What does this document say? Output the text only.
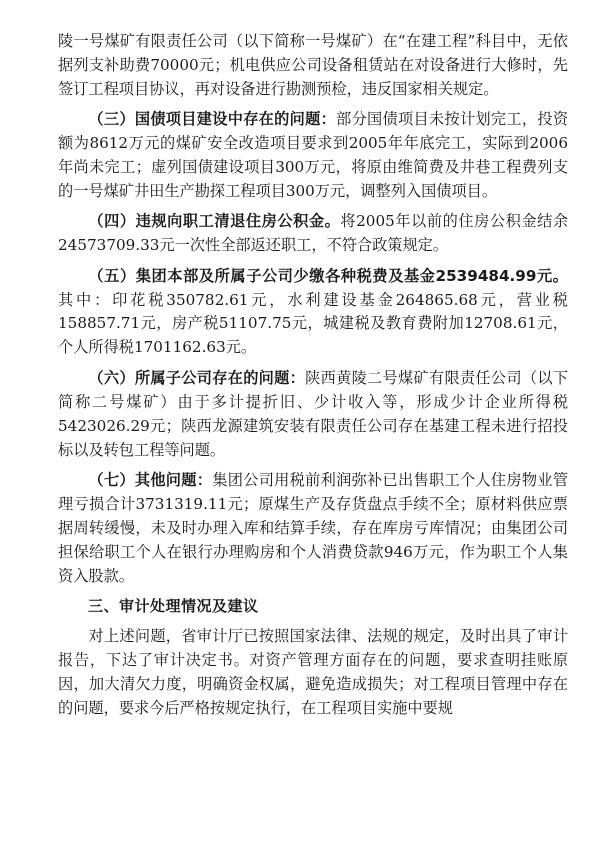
陵一号煤矿有限责任公司（以下简称一号煤矿）在“在建工程”科目中，无依据列支补助费70000元；机电供应公司设备租赁站在对设备进行大修时，先签订工程项目协议，再对设备进行勘测预检，违反国家相关规定。

（三）国债项目建设中存在的问题：部分国债项目未按计划完工，投资额为8612万元的煤矿安全改造项目要求到2005年年底完工，实际到2006年尚未完工；虚列国债建设项目300万元，将原由维简费及井巷工程费列支的一号煤矿井田生产勘探工程项目300万元，调整列入国债项目。

（四）违规向职工清退住房公积金。将2005年以前的住房公积金结余24573709.33元一次性全部返还职工，不符合政策规定。

（五）集团本部及所属子公司少缴各种税费及基金2539484.99元。其中：印花税350782.61元，水利建设基金264865.68元，营业税158857.71元，房产税51107.75元，城建税及教育费附加12708.61元，个人所得税1701162.63元。

（六）所属子公司存在的问题：陕西黄陵二号煤矿有限责任公司（以下简称二号煤矿）由于多计提折旧、少计收入等，形成少计企业所得税5423026.29元；陕西龙源建筑安装有限责任公司存在基建工程未进行招投标以及转包工程等问题。

（七）其他问题：集团公司用税前利润弥补已出售职工个人住房物业管理亏损合计3731319.11元；原煤生产及存货盘点手续不全；原材料供应票据周转缓慢，未及时办理入库和结算手续，存在库房亏库情况；由集团公司担保给职工个人在银行办理购房和个人消费贷款946万元，作为职工个人集资入股款。

三、审计处理情况及建议

对上述问题，省审计厅已按照国家法律、法规的规定，及时出具了审计报告，下达了审计决定书。对资产管理方面存在的问题，要求查明挂账原因，加大清欠力度，明确资金权属，避免造成损失；对工程项目管理中存在的问题，要求今后严格按规定执行，在工程项目实施中要规
